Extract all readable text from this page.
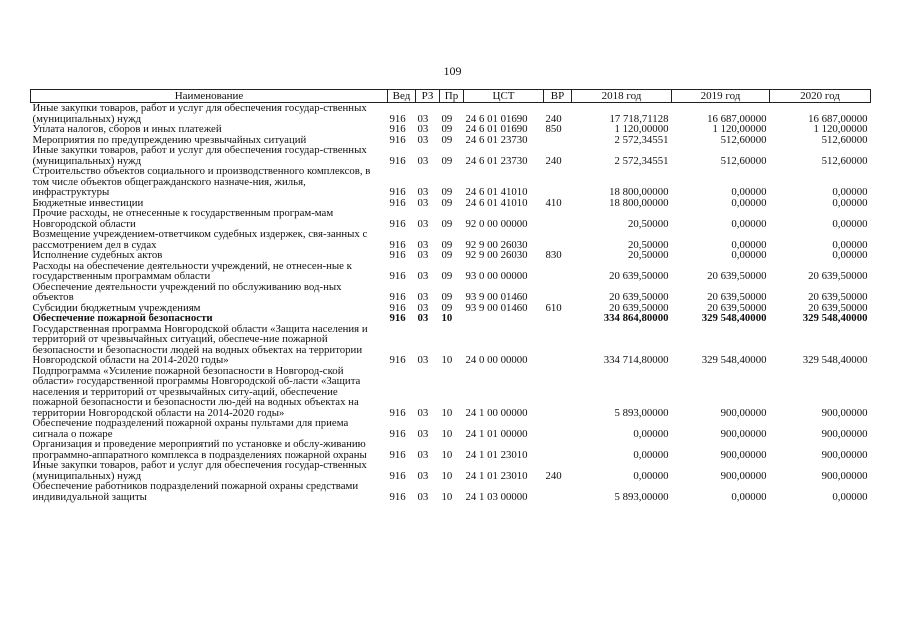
109
Наименование	Вед	РЗ	Пр	ЦСТ	ВР	2018 год	2019 год	2020 год
Иные закупки товаров, работ и услуг для обеспечения государ-ственных (муниципальных) нужд	916	03	09	24 6 01 01690	240	17 718,71128	16 687,00000	16 687,00000
Уплата налогов, сборов и иных платежей	916	03	09	24 6 01 01690	850	1 120,00000	1 120,00000	1 120,00000
Мероприятия по предупреждению чрезвычайных ситуаций	916	03	09	24 6 01 23730		2 572,34551	512,60000	512,60000
Иные закупки товаров, работ и услуг для обеспечения государ-ственных (муниципальных) нужд	916	03	09	24 6 01 23730	240	2 572,34551	512,60000	512,60000
Строительство объектов социального и производственного комплексов, в том числе объектов общегражданского назначе-ния, жилья, инфраструктуры	916	03	09	24 6 01 41010		18 800,00000	0,00000	0,00000
Бюджетные инвестиции	916	03	09	24 6 01 41010	410	18 800,00000	0,00000	0,00000
Прочие расходы, не отнесенные к государственным програм-мам Новгородской области	916	03	09	92 0 00 00000		20,50000	0,00000	0,00000
Возмещение учреждением-ответчиком судебных издержек, свя-занных с рассмотрением дел в судах	916	03	09	92 9 00 26030		20,50000	0,00000	0,00000
Исполнение судебных актов	916	03	09	92 9 00 26030	830	20,50000	0,00000	0,00000
Расходы на обеспечение деятельности учреждений, не отнесен-ные к государственным программам области	916	03	09	93 0 00 00000		20 639,50000	20 639,50000	20 639,50000
Обеспечение деятельности учреждений по обслуживанию вод-ных объектов	916	03	09	93 9 00 01460		20 639,50000	20 639,50000	20 639,50000
Субсидии бюджетным учреждениям	916	03	09	93 9 00 01460	610	20 639,50000	20 639,50000	20 639,50000
Обеспечение пожарной безопасности	916	03	10			334 864,80000	329 548,40000	329 548,40000
Государственная программа Новгородской области «Защита населения и территорий от чрезвычайных ситуаций, обеспече-ние пожарной безопасности и безопасности людей на водных объектах на территории Новгородской области на 2014-2020 годы»	916	03	10	24 0 00 00000		334 714,80000	329 548,40000	329 548,40000
Подпрограмма «Усиление пожарной безопасности в Новгород-ской области» государственной программы Новгородской об-ласти «Защита населения и территорий от чрезвычайных ситу-аций, обеспечение пожарной безопасности и безопасности лю-дей на водных объектах на территории Новгородской области на 2014-2020 годы»	916	03	10	24 1 00 00000		5 893,00000	900,00000	900,00000
Обеспечение подразделений пожарной охраны пультами для приема сигнала о пожаре	916	03	10	24 1 01 00000		0,00000	900,00000	900,00000
Организация и проведение мероприятий по установке и обслу-живанию программно-аппаратного комплекса в подразделениях пожарной охраны	916	03	10	24 1 01 23010		0,00000	900,00000	900,00000
Иные закупки товаров, работ и услуг для обеспечения государ-ственных (муниципальных) нужд	916	03	10	24 1 01 23010	240	0,00000	900,00000	900,00000
Обеспечение работников подразделений пожарной охраны средствами индивидуальной защиты	916	03	10	24 1 03 00000		5 893,00000	0,00000	0,00000
